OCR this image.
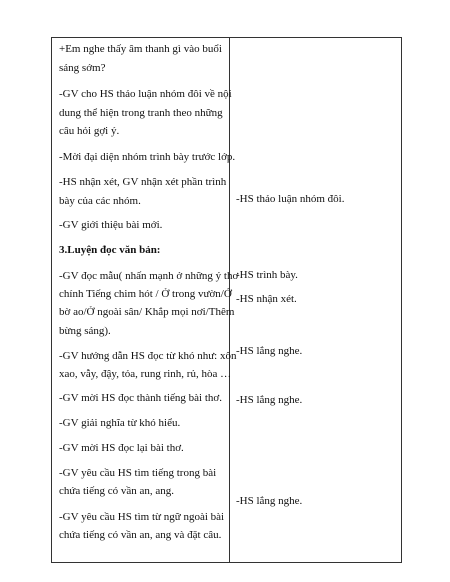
+Em nghe thấy âm thanh gì vào buổi
sáng sớm?
-GV cho HS thảo luận nhóm đôi về nội
dung thể hiện trong tranh theo những
câu hỏi gợi ý.
-Mời đại diện nhóm trình bày trước lớp.
-HS nhận xét, GV nhận xét phần trình
bày của các nhóm.
-GV giới thiệu bài mới.
3.Luyện đọc văn bản:
-GV đọc mẫu( nhấn mạnh ở những ý thơ
chính Tiếng chim hót / Ở trong vườn/Ở
bờ ao/Ở ngoài sân/ Khắp mọi nơi/Thêm
bừng sáng).
-GV hướng dẫn HS đọc từ khó như: xôn
xao, vẫy, đậy, tỏa, rung rinh, rủ, hòa …
-GV mời HS đọc thành tiếng bài thơ.
-GV giải nghĩa từ khó hiểu.
-GV mời HS đọc lại bài thơ.
-GV yêu cầu HS tìm tiếng trong bài
chứa tiếng có vần an, ang.
-GV yêu cầu HS tìm từ ngữ ngoài bài
chứa tiếng có vần an, ang và đặt câu.
-HS thảo luận nhóm đôi.
-HS trình bày.
-HS nhận xét.
-HS lắng nghe.
-HS lắng nghe.
-HS lắng nghe.
